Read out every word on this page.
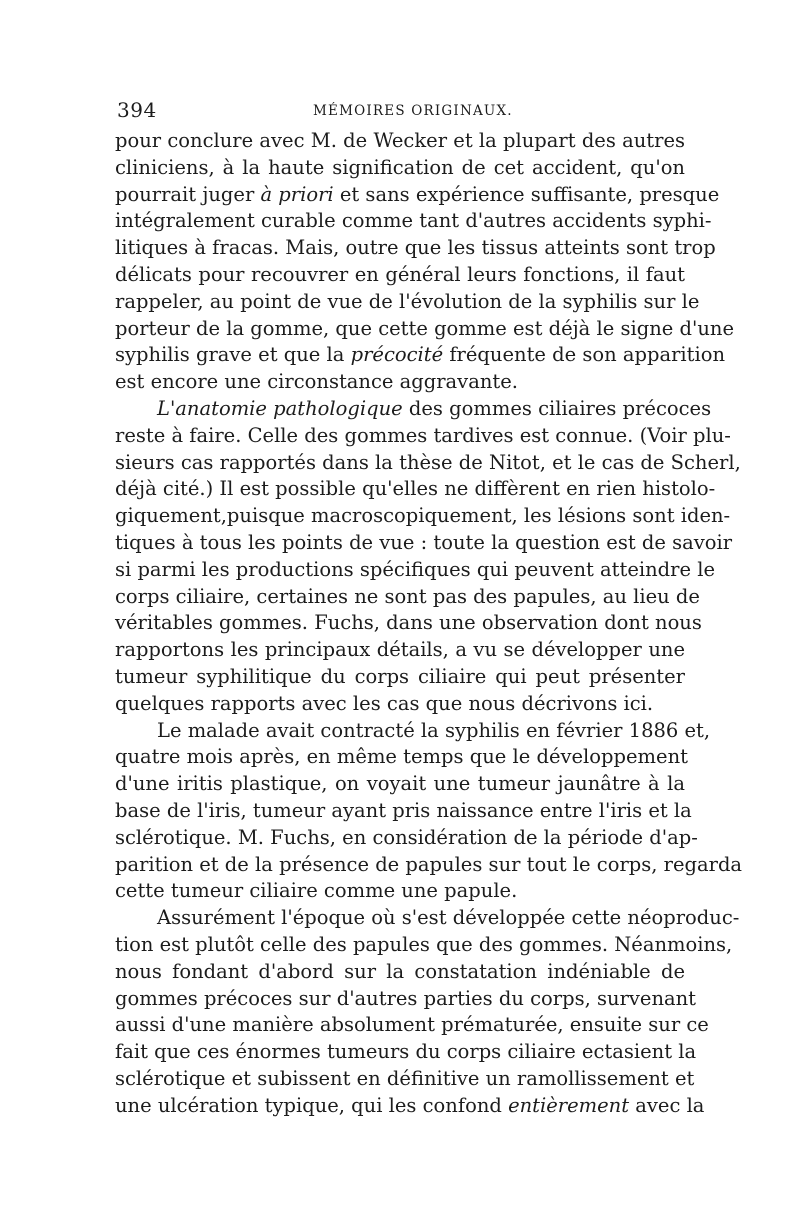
394	MÉMOIRES ORIGINAUX.
pour conclure avec M. de Wecker et la plupart des autres
cliniciens, à la haute signification de cet accident, qu'on
pourrait juger à priori et sans expérience suffisante, presque
intégralement curable comme tant d'autres accidents syphi-
litiques à fracas. Mais, outre que les tissus atteints sont trop
délicats pour recouvrer en général leurs fonctions, il faut
rappeler, au point de vue de l'évolution de la syphilis sur le
porteur de la gomme, que cette gomme est déjà le signe d'une
syphilis grave et que la précocité fréquente de son apparition
est encore une circonstance aggravante.
L'anatomie pathologique des gommes ciliaires précoces
reste à faire. Celle des gommes tardives est connue. (Voir plu-
sieurs cas rapportés dans la thèse de Nitot, et le cas de Scherl,
déjà cité.) Il est possible qu'elles ne diffèrent en rien histolo-
giquement,puisque macroscopiquement, les lésions sont iden-
tiques à tous les points de vue : toute la question est de savoir
si parmi les productions spécifiques qui peuvent atteindre le
corps ciliaire, certaines ne sont pas des papules, au lieu de
véritables gommes. Fuchs, dans une observation dont nous
rapportons les principaux détails, a vu se développer une
tumeur syphilitique du corps ciliaire qui peut présenter
quelques rapports avec les cas que nous décrivons ici.
Le malade avait contracté la syphilis en février 1886 et,
quatre mois après, en même temps que le développement
d'une iritis plastique, on voyait une tumeur jaunâtre à la
base de l'iris, tumeur ayant pris naissance entre l'iris et la
sclérotique. M. Fuchs, en considération de la période d'ap-
parition et de la présence de papules sur tout le corps, regarda
cette tumeur ciliaire comme une papule.
Assurément l'époque où s'est développée cette néoproduc-
tion est plutôt celle des papules que des gommes. Néanmoins,
nous fondant d'abord sur la constatation indéniable de
gommes précoces sur d'autres parties du corps, survenant
aussi d'une manière absolument prématurée, ensuite sur ce
fait que ces énormes tumeurs du corps ciliaire ectasient la
sclérotique et subissent en définitive un ramollissement et
une ulcération typique, qui les confond entièrement avec la
